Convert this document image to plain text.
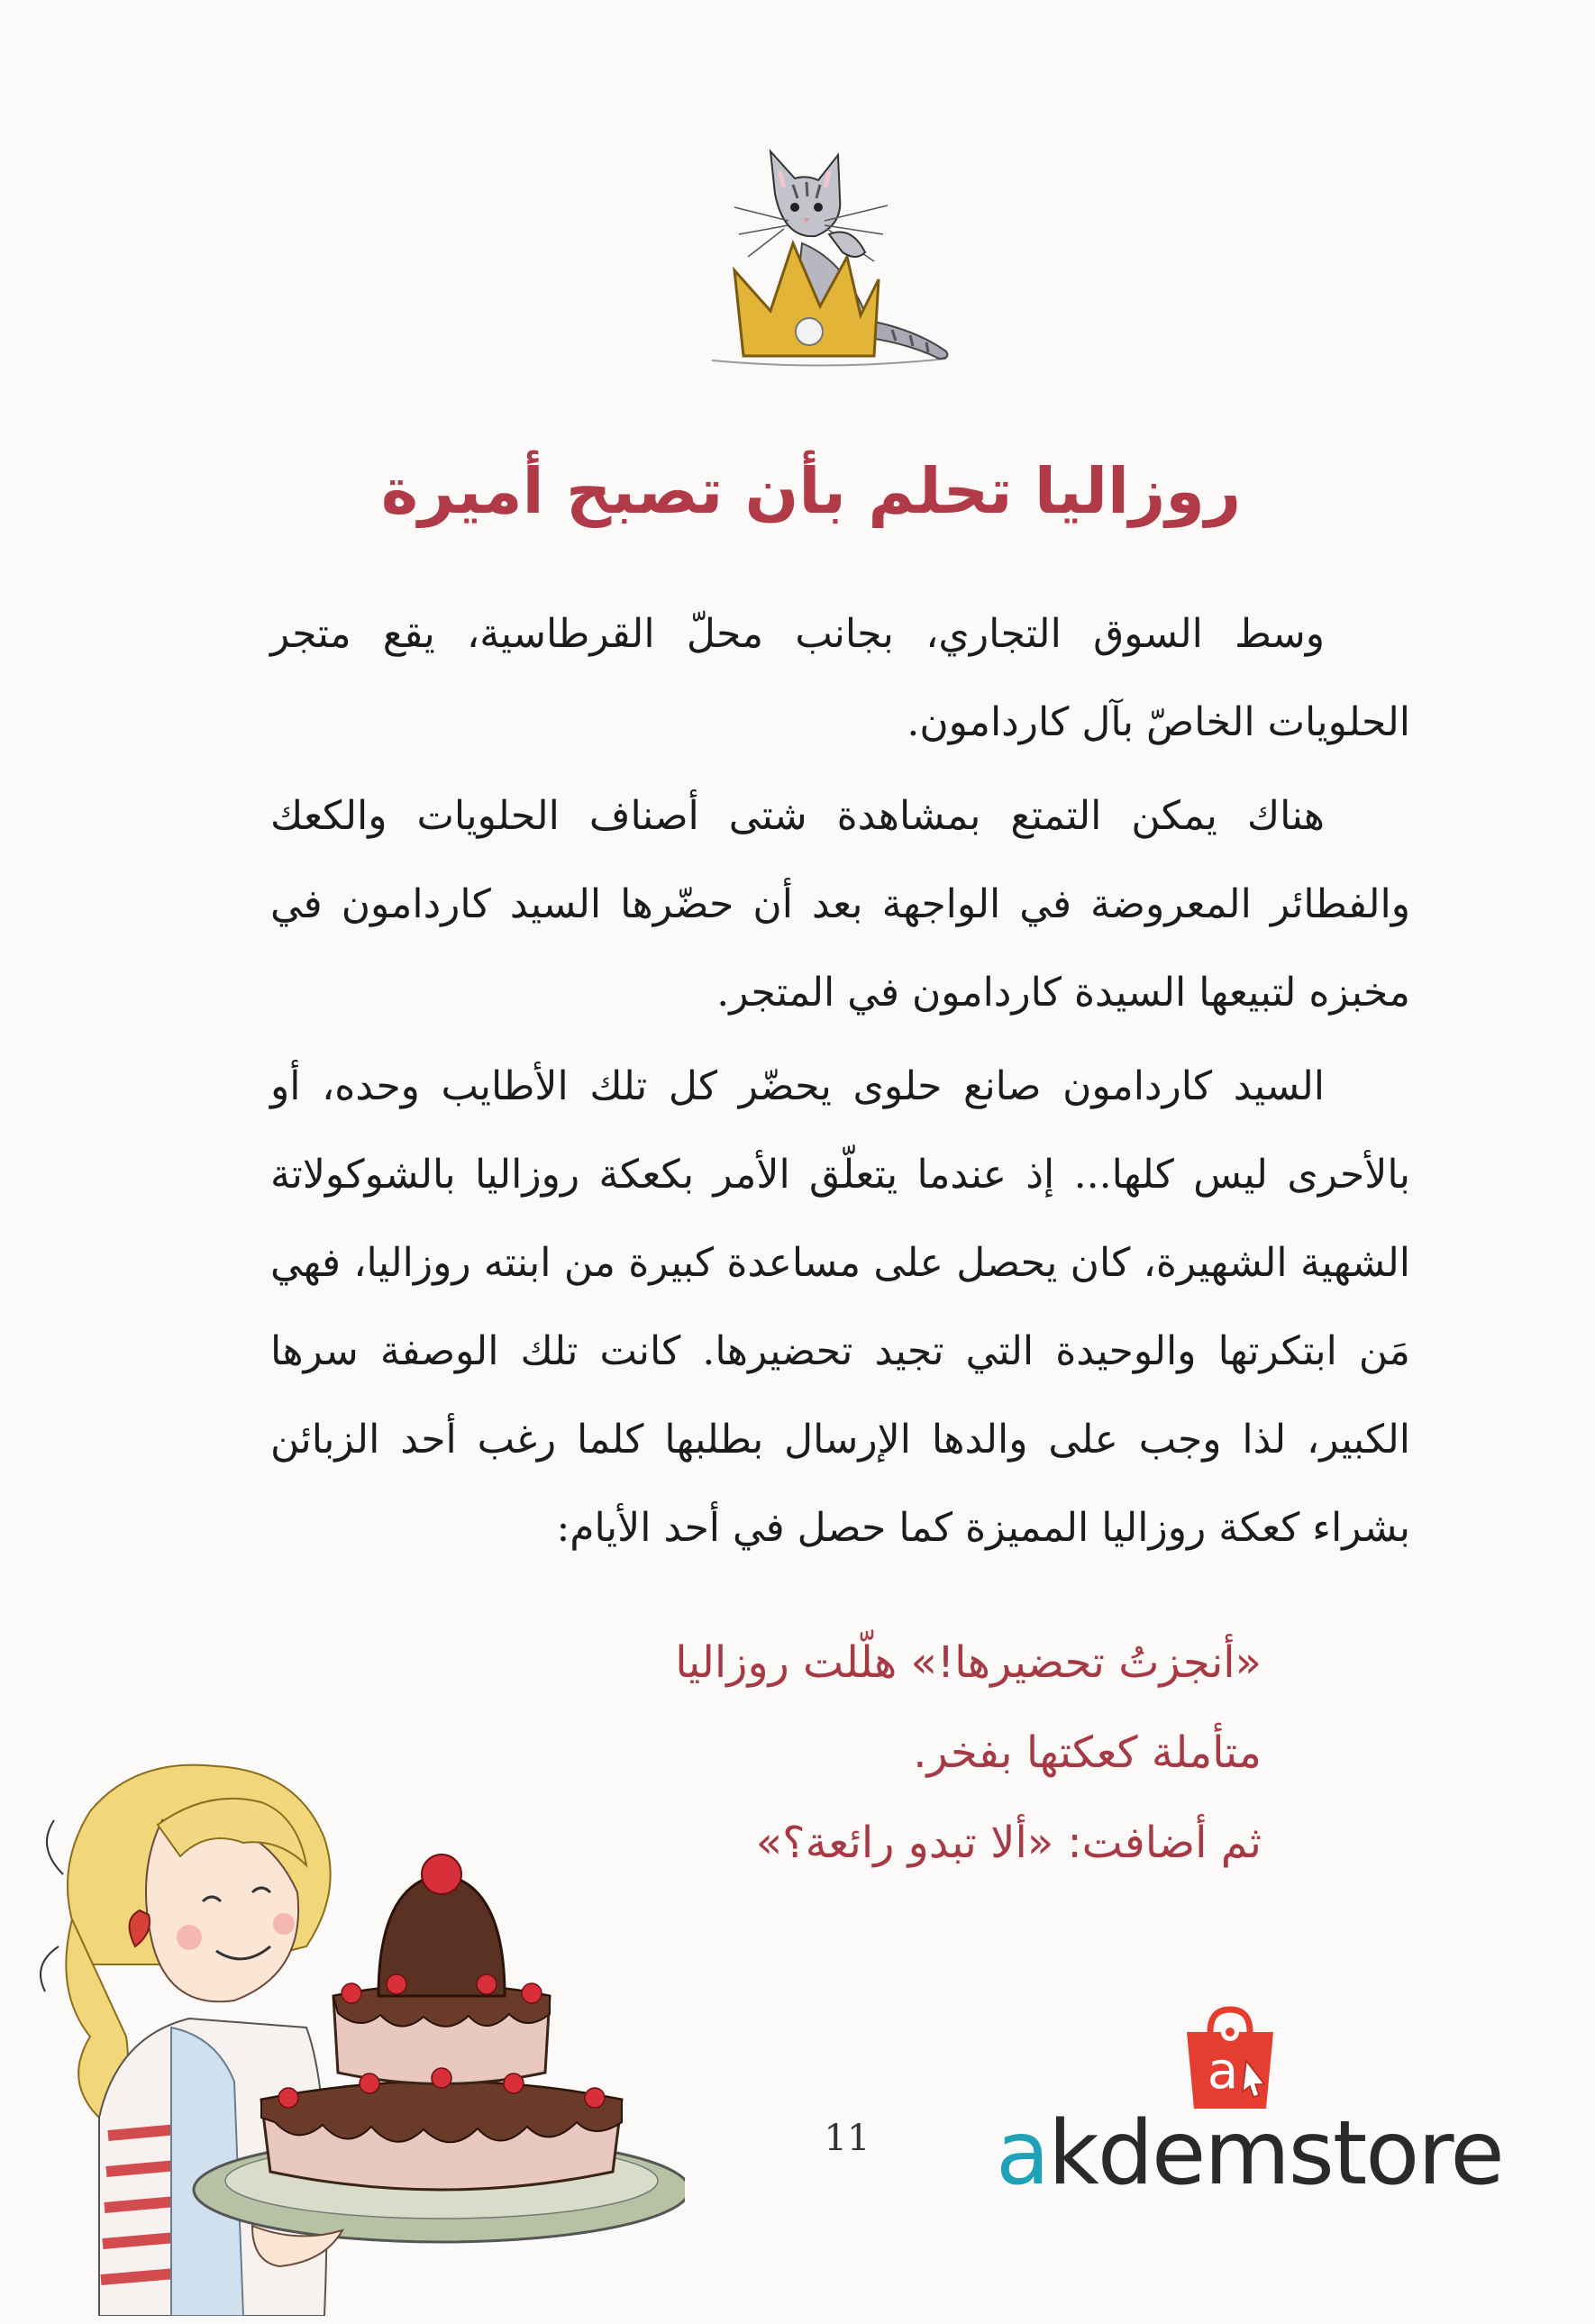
روزاليا تحلم بأن تصبح أميرة

وسط السوق التجاري، بجانب محلّ القرطاسية، يقع متجر الحلويات الخاصّ بآل كاردامون.

هناك يمكن التمتع بمشاهدة شتى أصناف الحلويات والكعك والفطائر المعروضة في الواجهة بعد أن حضّرها السيد كاردامون في مخبزه لتبيعها السيدة كاردامون في المتجر.

السيد كاردامون صانع حلوى يحضّر كل تلك الأطايب وحده، أو بالأحرى ليس كلها... إذ عندما يتعلّق الأمر بكعكة روزاليا بالشوكولاتة الشهية الشهيرة، كان يحصل على مساعدة كبيرة من ابنته روزاليا، فهي مَن ابتكرتها والوحيدة التي تجيد تحضيرها. كانت تلك الوصفة سرها الكبير، لذا وجب على والدها الإرسال بطلبها كلما رغب أحد الزبائن بشراء كعكة روزاليا المميزة كما حصل في أحد الأيام:

«أنجزتُ تحضيرها!» هلّلت روزاليا

متأملة كعكتها بفخر.

ثم أضافت: «ألا تبدو رائعة؟»

11
a
akdemstore
